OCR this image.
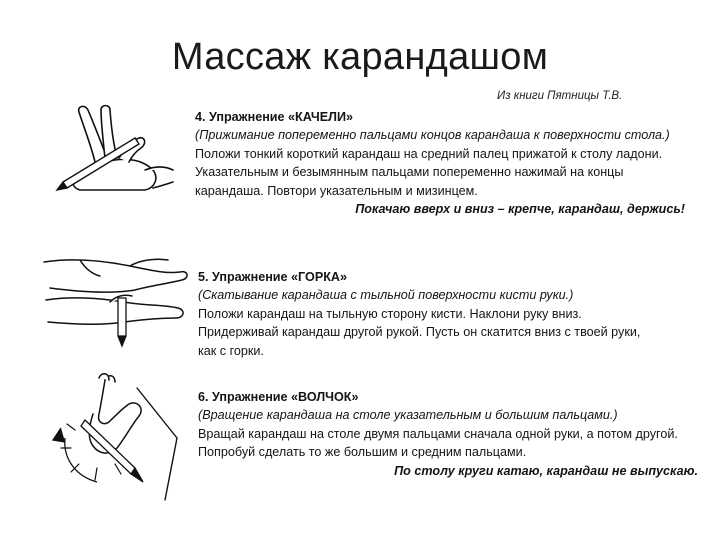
Массаж карандашом
Из книги Пятницы Т.В.
4. Упражнение «КАЧЕЛИ»
(Прижимание попеременно пальцами концов карандаша к поверхности стола.)
Положи тонкий короткий карандаш на средний палец прижатой к столу ладони. Указательным и безымянным пальцами попеременно нажимай на концы карандаша. Повтори указательным и мизинцем.
Покачаю вверх и вниз – крепче, карандаш, держись!
5. Упражнение «ГОРКА»
(Скатывание карандаша с тыльной поверхности кисти руки.)
Положи карандаш на тыльную сторону кисти. Наклони руку вниз. Придерживай карандаш другой рукой. Пусть он скатится вниз с твоей руки, как с горки.
6. Упражнение «ВОЛЧОК»
(Вращение карандаша на столе указательным и большим пальцами.)
Вращай карандаш на столе двумя пальцами сначала одной руки, а потом другой. Попробуй сделать то же большим и средним пальцами.
По столу круги катаю, карандаш не выпускаю.
